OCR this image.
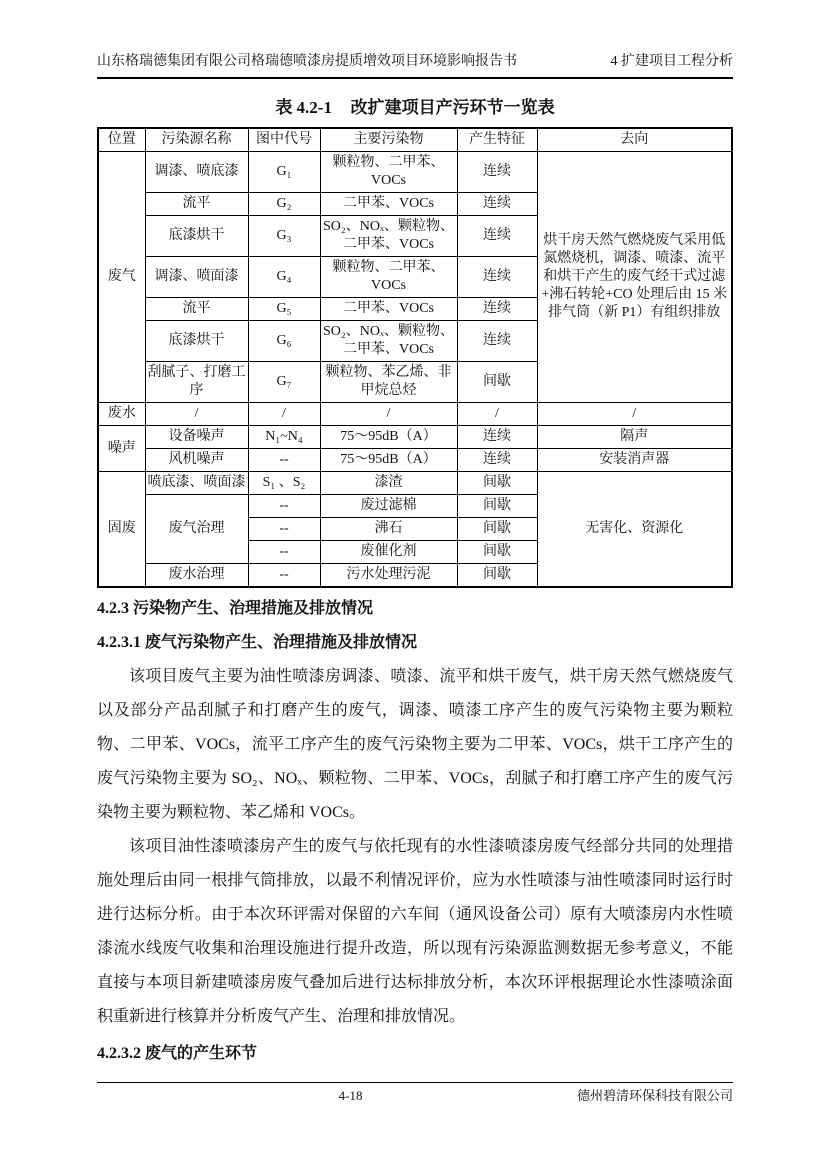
山东格瑞德集团有限公司格瑞德喷漆房提质增效项目环境影响报告书	4 扩建项目工程分析
表 4.2-1 改扩建项目产污环节一览表
位置	污染源名称	图中代号	主要污染物	产生特征	去向
废气	调漆、喷底漆	G₁	颗粒物、二甲苯、VOCs	连续	烘干房天然气燃烧废气采用低氮燃烧机，调漆、喷漆、流平和烘干产生的废气经干式过滤+沸石转轮+CO 处理后由 15 米排气筒（新 P1）有组织排放
	流平	G₂	二甲苯、VOCs	连续	
	底漆烘干	G₃	SO₂、NOₓ、颗粒物、二甲苯、VOCs	连续	
	调漆、喷面漆	G₄	颗粒物、二甲苯、VOCs	连续	
	流平	G₅	二甲苯、VOCs	连续	
	底漆烘干	G₆	SO₂、NOₓ、颗粒物、二甲苯、VOCs	连续	
	刮腻子、打磨工序	G₇	颗粒物、苯乙烯、非甲烷总烃	间歇	
废水	/	/	/	/	/
噪声	设备噪声	N₁~N₄	75～95dB（A）	连续	隔声
	风机噪声	--	75～95dB（A）	连续	安装消声器
固废	喷底漆、喷面漆	S₁ 、S₂	漆渣	间歇	无害化、资源化
	废气治理	--	废过滤棉	间歇	
		--	沸石	间歇	
		--	废催化剂	间歇	
	废水治理	--	污水处理污泥	间歇	
4.2.3 污染物产生、治理措施及排放情况
4.2.3.1 废气污染物产生、治理措施及排放情况

该项目废气主要为油性喷漆房调漆、喷漆、流平和烘干废气，烘干房天然气燃烧废气以及部分产品刮腻子和打磨产生的废气，调漆、喷漆工序产生的废气污染物主要为颗粒物、二甲苯、VOCs，流平工序产生的废气污染物主要为二甲苯、VOCs，烘干工序产生的废气污染物主要为 SO₂、NOₓ、颗粒物、二甲苯、VOCs，刮腻子和打磨工序产生的废气污染物主要为颗粒物、苯乙烯和 VOCs。

该项目油性漆喷漆房产生的废气与依托现有的水性漆喷漆房废气经部分共同的处理措施处理后由同一根排气筒排放，以最不利情况评价，应为水性喷漆与油性喷漆同时运行时进行达标分析。由于本次环评需对保留的六车间（通风设备公司）原有大喷漆房内水性喷漆流水线废气收集和治理设施进行提升改造，所以现有污染源监测数据无参考意义，不能直接与本项目新建喷漆房废气叠加后进行达标排放分析，本次环评根据理论水性漆喷涂面积重新进行核算并分析废气产生、治理和排放情况。

4.2.3.2 废气的产生环节
4-18	德州碧清环保科技有限公司
